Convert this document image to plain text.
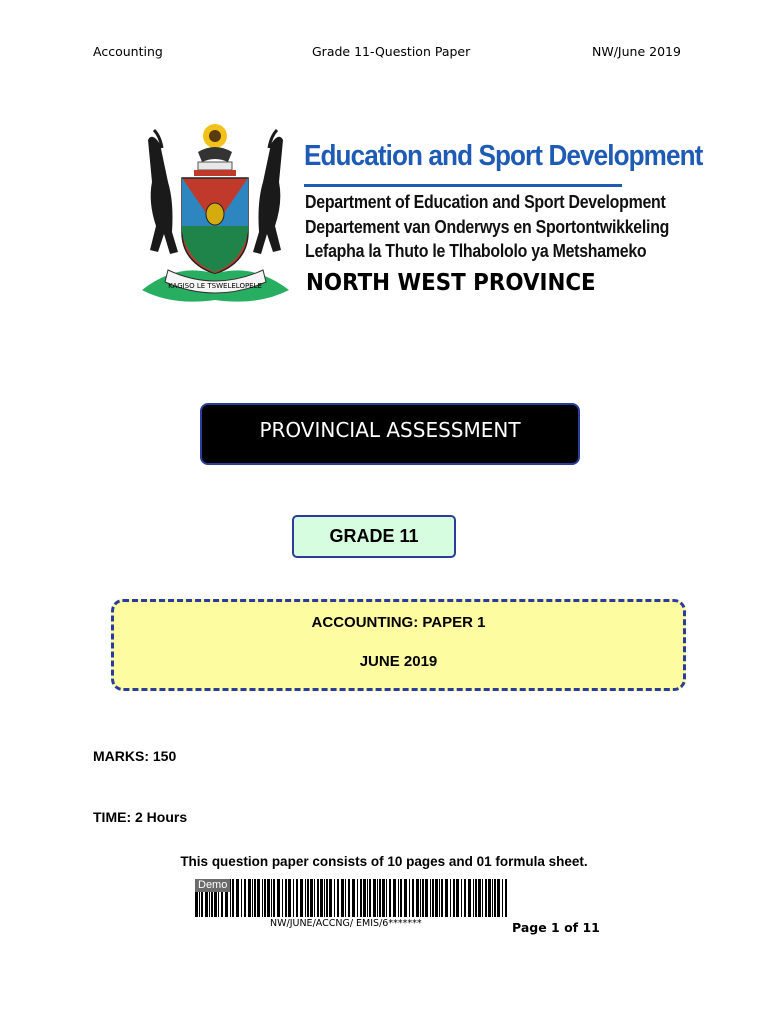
Accounting	Grade 11-Question Paper	NW/June 2019
KAGISO LE TSWELELOPELE
Education and Sport Development
Department of Education and Sport Development
Departement van Onderwys en Sportontwikkeling
Lefapha la Thuto le Tlhabololo ya Metshameko
NORTH WEST PROVINCE
PROVINCIAL ASSESSMENT
GRADE 11
ACCOUNTING: PAPER 1
JUNE 2019
MARKS: 150
TIME: 2 Hours
This question paper consists of 10 pages and 01 formula sheet.
Demo
NW/JUNE/ACCNG/ EMIS/6*******	Page 1 of 11
